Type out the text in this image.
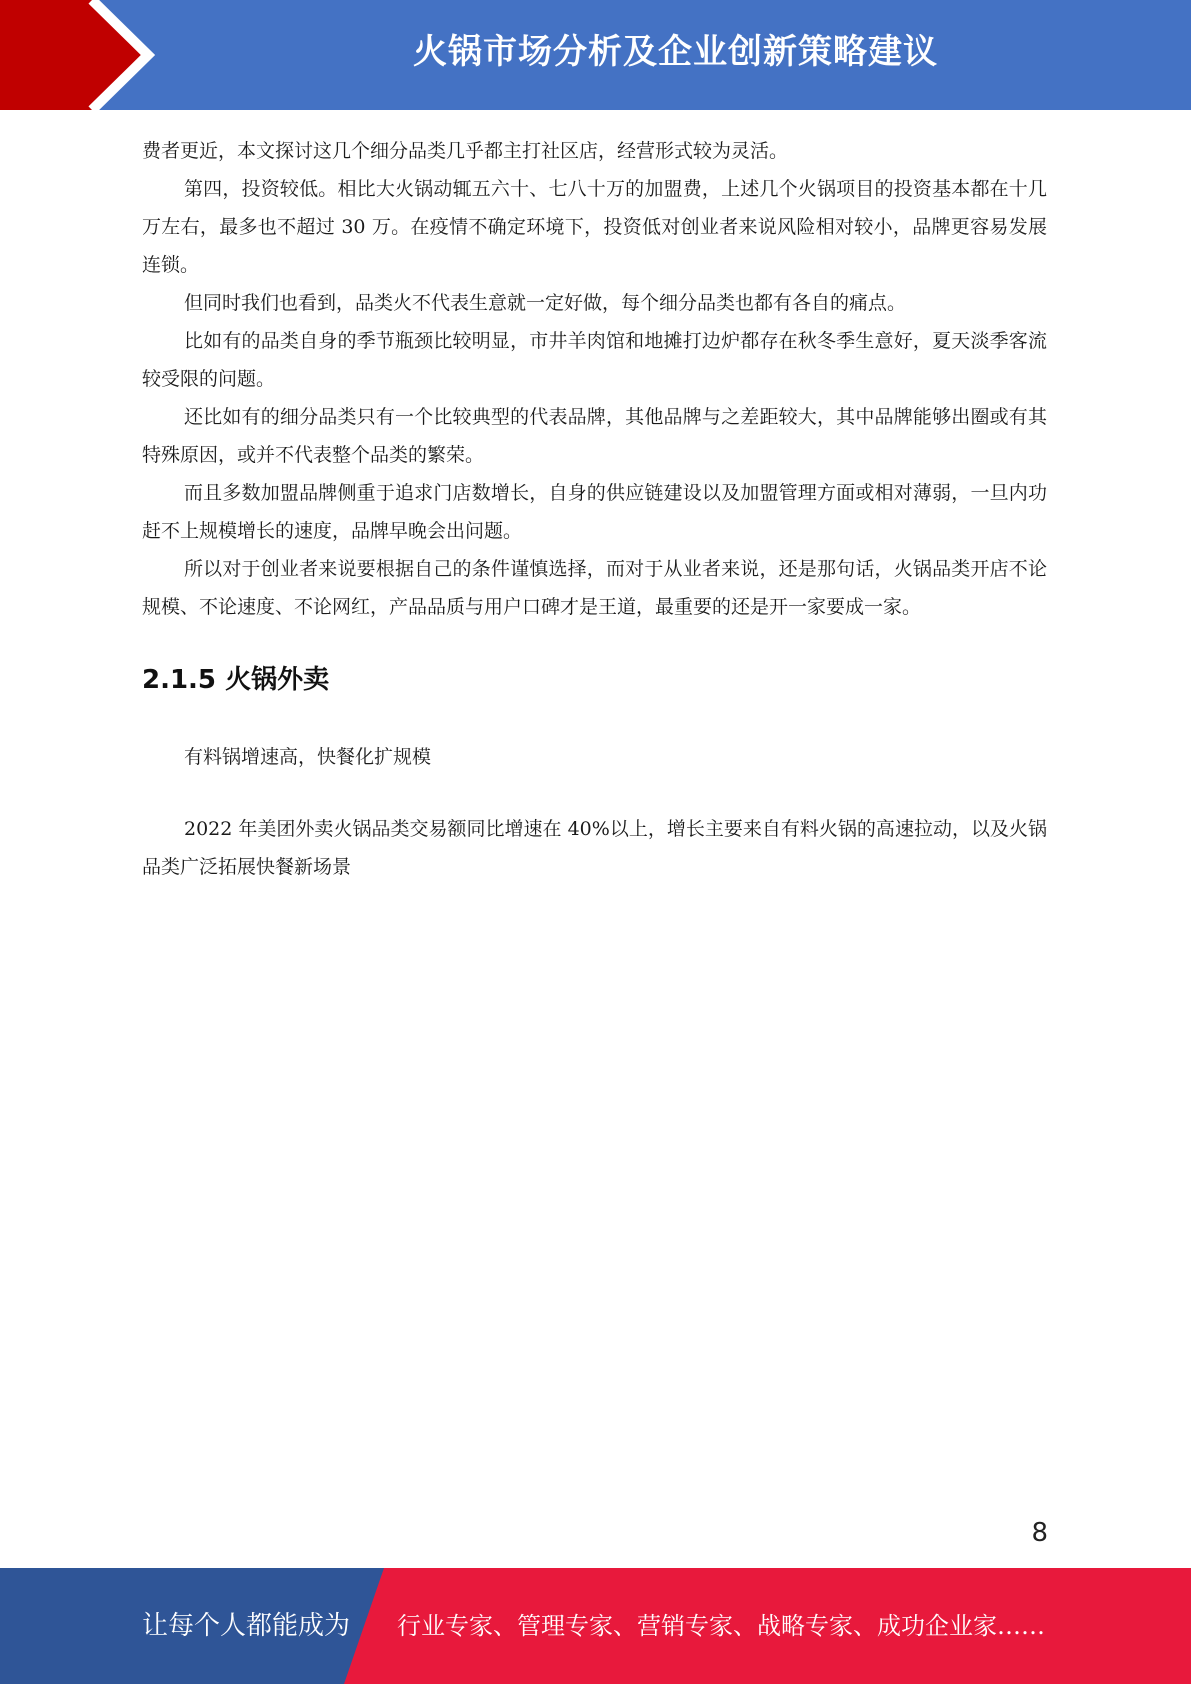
火锅市场分析及企业创新策略建议

费者更近，本文探讨这几个细分品类几乎都主打社区店，经营形式较为灵活。

第四，投资较低。相比大火锅动辄五六十、七八十万的加盟费，上述几个火锅项目的投资基本都在十几万左右，最多也不超过 30 万。在疫情不确定环境下，投资低对创业者来说风险相对较小，品牌更容易发展连锁。

但同时我们也看到，品类火不代表生意就一定好做，每个细分品类也都有各自的痛点。

比如有的品类自身的季节瓶颈比较明显，市井羊肉馆和地摊打边炉都存在秋冬季生意好，夏天淡季客流较受限的问题。

还比如有的细分品类只有一个比较典型的代表品牌，其他品牌与之差距较大，其中品牌能够出圈或有其特殊原因，或并不代表整个品类的繁荣。

而且多数加盟品牌侧重于追求门店数增长，自身的供应链建设以及加盟管理方面或相对薄弱，一旦内功赶不上规模增长的速度，品牌早晚会出问题。

所以对于创业者来说要根据自己的条件谨慎选择，而对于从业者来说，还是那句话，火锅品类开店不论规模、不论速度、不论网红，产品品质与用户口碑才是王道，最重要的还是开一家要成一家。

2.1.5 火锅外卖

有料锅增速高，快餐化扩规模

2022 年美团外卖火锅品类交易额同比增速在 40%以上，增长主要来自有料火锅的高速拉动，以及火锅品类广泛拓展快餐新场景

8
让每个人都能成为 行业专家、管理专家、营销专家、战略专家、成功企业家……
